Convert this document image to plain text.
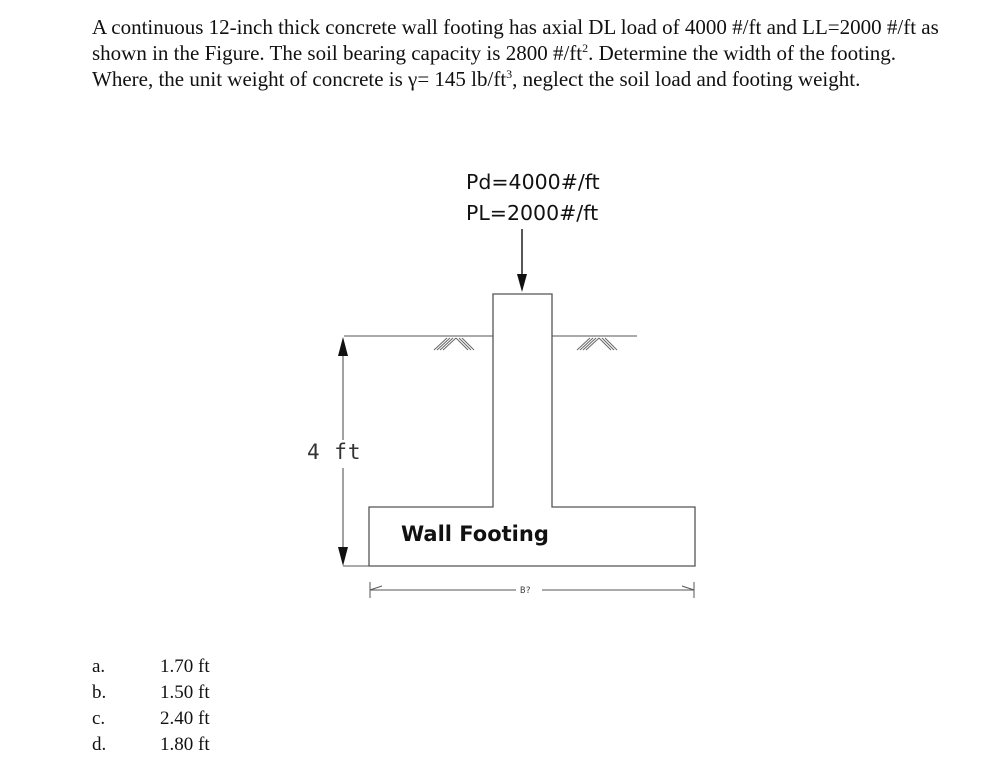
A continuous 12-inch thick concrete wall footing has axial DL load of 4000 #/ft and LL=2000 #/ft as shown in the Figure. The soil bearing capacity is 2800 $\#/ft^2$. Determine the width of the footing. Where, the unit weight of concrete is γ= 145 $lb/ft^3$, neglect the soil load and footing weight.

Pd=4000#/ft
PL=2000#/ft
4 ft
Wall Footing
B?
a.	1.70 ft
b.	1.50 ft
c.	2.40 ft
d.	1.80 ft
